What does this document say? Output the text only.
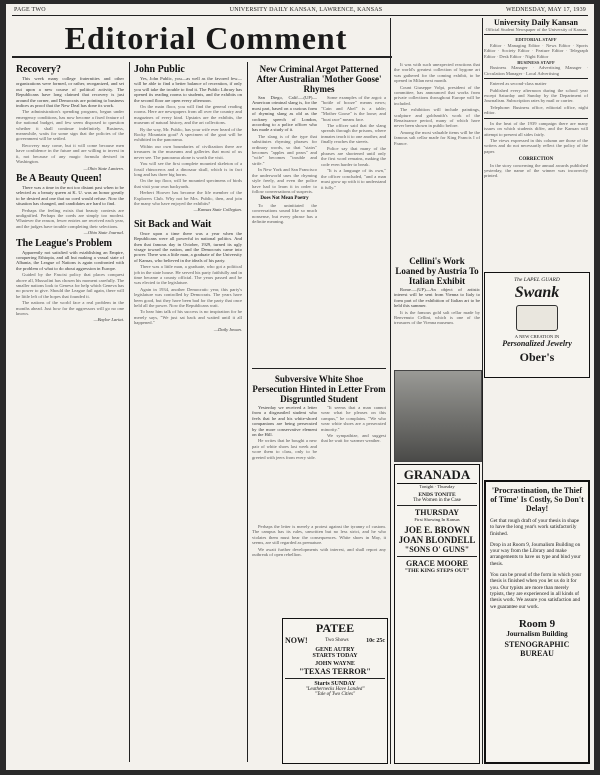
PAGE TWO	UNIVERSITY DAILY KANSAN, LAWRENCE, KANSAS	WEDNESDAY, MAY 17, 1939
Editorial Comment
Recovery?

This week many college fraternities and other organizations were formed, or rather, reorganized, and set out upon a new course of political activity. The Republicans have long claimed that recovery is just around the corner, and Democrats are pointing to business indices as proof that the New Deal has done its work.

The administration's spending program, begun under emergency conditions, has now become a fixed feature of the national budget, and few seem disposed to question whether it shall continue indefinitely. Business, meanwhile, waits for some sign that the policies of the government will be settled.

Recovery may come, but it will come because men have confidence in the future and are willing to invest in it, not because of any magic formula devised in Washington.

—Ohio State Lantern.
Be A Beauty Queen!

There was a time in the not too distant past when to be selected as a beauty queen at K. U. was an honor greatly to be desired and one that no coed would refuse. Now the situation has changed, and candidates are hard to find.

Perhaps the feeling exists that beauty contests are undignified. Perhaps the coeds are simply too modest. Whatever the reason, fewer entries are received each year, and the judges have trouble completing their selections.

—Ohio State Journal.
The League's Problem

Apparently not satisfied with establishing an Empire, conquering Ethiopia, and all but making a vassal state of Albania, the League of Nations is again confronted with the problem of what to do about aggression in Europe.

Guided by the Fascist policy that places conquest above all, Mussolini has chosen his moment carefully. The smaller nations look to Geneva for help which Geneva has no power to give. Should the League fail again, there will be little left of the hopes that founded it.

The nations of the world face a real problem in the months ahead. Just how far the aggressors will go no one knows.

—Baylor Lariat.
John Public

Yes, John Public, you—as well as the favored few—will be able to find a better balance of recreation, if only you will take the trouble to find it. The Public Library has opened its reading rooms to students, and the exhibits on the second floor are open every afternoon.

On the main floor, you will find the general reading rooms. Here are newspapers from all over the country and magazines of every kind. Upstairs are the exhibits, the museum of natural history, and the art collections.

By the way, Mr. Public, has your wife ever heard of the Rocky Mountain goat? A specimen of the goat will be exhibited in the panorama.

Within our own boundaries of civilization there are treasures in the museums and galleries that most of us never see. The panorama alone is worth the visit.

You will see the first complete mounted skeleton of a fossil rhinoceros and a dinosaur skull, which is in fact long and has three big horns.

On the top floor, will be mounted specimens of birds that visit your own backyards.

Herbert Hoover has become the life member of the Explorers Club. Why not be Mrs. Public, then, and join the many who have enjoyed the exhibits?

—Kansas State Collegian.
Sit Back and Wait

Once upon a time there was a year when the Republicans were all powerful in national politics. And then that famous day in October, 1929, turned its ugly visage toward the nation, and the Democrats came into power. There was a little man, a graduate of the University of Kansas, who believed in the ideals of his party.

There was a little man, a graduate, who got a political job in the state house. He served his party faithfully and in time became a county official. The years passed and he was elected to the legislature.

Again in 1934, another Democratic year, this party's legislature was controlled by Democrats. The years have been good, but they have been bad for the party that once held all the power. Now the Republicans wait.

To hear him talk of his success is no inspiration for he merely says, "We just sat back and waited until it all happened."

—Daily Iowan.
New Criminal Argot Patterned After Australian 'Mother Goose' Rhymes

San Diego, Calif.—(UP)—American criminal slang is, for the most part, based on a curious form of rhyming slang as old as the cockney speech of London, according to a police officer who has made a study of it.

The slang is of the type that substitutes rhyming phrases for ordinary words, so that "stairs" becomes "apples and pears" and "wife" becomes "trouble and strife."

In New York and San Francisco the underworld uses the rhyming style freely, and even the police have had to learn it in order to follow conversations of suspects.

Does Not Mean Poetry

To the uninitiated the conversations sound like so much nonsense, but every phrase has a definite meaning.

Some examples of the argot: a "bottle of booze" means news; "Cain and Abel" is a table; "Mother Goose" is the loose; and "boat race" means face.

The officer said that the slang spreads through the prisons, where inmates teach it to one another, and finally reaches the streets.

Police say that many of the phrases are shortened until only the first word remains, making the code even harder to break.

"It is a language of its own," the officer concluded, "and a man must grow up with it to understand it fully."

Subversive White Shoe Persecution Hinted in Letter From Disgruntled Student

Yesterday we received a letter from a disgruntled student who feels that he and his white-shoed companions are being persecuted by the more conservative element on the Hill.

He writes that he bought a new pair of white shoes last week and wore them to class, only to be greeted with jeers from every side.

"It seems that a man cannot wear what he pleases on this campus," he complains. "We who wear white shoes are a persecuted minority."

We sympathize, and suggest that he wait for warmer weather.

It was with such unexpected reactions that the world's greatest collection of bygone art was gathered for the coming exhibit, to be opened in Milan next month.

Count Giuseppe Volpi, president of the committee, has announced that works from private collections throughout Europe will be included.

The exhibition will include paintings, sculpture and goldsmith's work of the Renaissance period, many of which have never been shown in public before.

Among the most valuable items will be the famous salt cellar made for King Francis I of France.

Cellini's Work Loaned by Austria To Italian Exhibit

Rome.—(UP)—An object of artistic interest will be sent from Vienna to Italy to form part of the exhibition of Italian art to be held this summer.

It is the famous gold salt cellar made by Benvenuto Cellini, which is one of the treasures of the Vienna museum.

University Daily Kansan
Official Student Newspaper of the University of Kansas
EDITORIAL STAFF

Editor · Managing Editor · News Editor · Sports Editor · Society Editor · Feature Editor · Telegraph Editor · Desk Editor · Night Editor

BUSINESS STAFF

Business Manager · Advertising Manager · Circulation Manager · Local Advertising

Entered as second-class matter

Published every afternoon during the school year except Saturday and Sunday by the Department of Journalism. Subscription rates by mail or carrier.

Telephone: Business office, editorial office, night editor.

In the heat of the 1939 campaign there are many issues on which students differ, and the Kansan will attempt to present all sides fairly.

The views expressed in this column are those of the writers and do not necessarily reflect the policy of the paper.

CORRECTION

In the story concerning the annual awards published yesterday, the name of the winner was incorrectly printed.

The LAPEL GUARD
Swank
A NEW CREATION IN
Personalized Jewelry
Ober's
GRANADA
Tonight · Thursday
ENDS TONITE
The Women in the Case
THURSDAY
First Showing In Kansas
JOE E. BROWN
JOAN BLONDELL
"SONS O' GUNS"
GRACE MOORE
"THE KING STEPS OUT"
PATEE
NOW!	Two Shows	10c 25c
GENE AUTRY
STARTS TODAY
JOHN WAYNE
"TEXAS TERROR"
Starts SUNDAY
"Leathernecks Have Landed"
"Tale of Two Cities"
'Procrastination, the Thief of Time' Is Costly, So Don't Delay!
Get that rough draft of your thesis in shape to have the long year's work satisfactorily finished.
Drop in at Room 9, Journalism Building on your way from the Library and make arrangements to have us type and bind your thesis.
You can be proud of the form in which your thesis is finished when you let us do it for you. Our typists are more than merely typists, they are experienced in all kinds of thesis work. We assure you satisfaction and we guarantee our work.
Room 9
Journalism Building
STENOGRAPHIC BUREAU

Perhaps the letter is merely a protest against the tyranny of custom. The campus has its rules, unwritten but no less strict, and he who violates them must bear the consequences. White shoes in May, it seems, are still regarded as premature.

We await further developments with interest, and shall report any outbreak of open rebellion.
